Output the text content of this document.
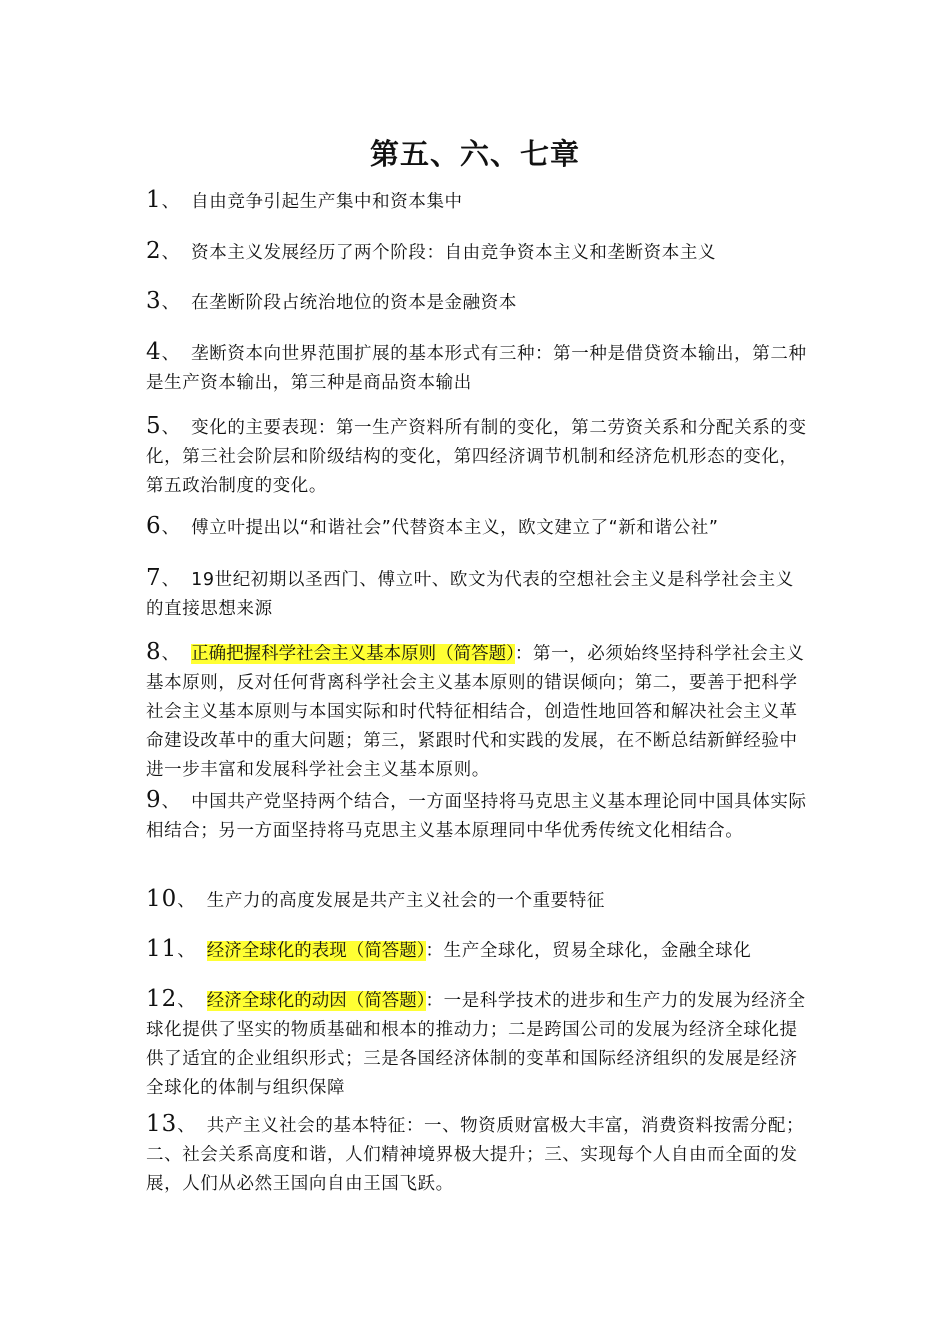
第五、六、七章
1、 自由竞争引起生产集中和资本集中
2、 资本主义发展经历了两个阶段：自由竞争资本主义和垄断资本主义
3、 在垄断阶段占统治地位的资本是金融资本
4、 垄断资本向世界范围扩展的基本形式有三种：第一种是借贷资本输出，第二种是生产资本输出，第三种是商品资本输出
5、 变化的主要表现：第一生产资料所有制的变化，第二劳资关系和分配关系的变化，第三社会阶层和阶级结构的变化，第四经济调节机制和经济危机形态的变化，第五政治制度的变化。
6、 傅立叶提出以“和谐社会”代替资本主义，欧文建立了“新和谐公社”
7、 19世纪初期以圣西门、傅立叶、欧文为代表的空想社会主义是科学社会主义的直接思想来源
8、 正确把握科学社会主义基本原则（简答题）：第一，必须始终坚持科学社会主义基本原则，反对任何背离科学社会主义基本原则的错误倾向；第二，要善于把科学社会主义基本原则与本国实际和时代特征相结合，创造性地回答和解决社会主义革命建设改革中的重大问题；第三，紧跟时代和实践的发展，在不断总结新鲜经验中进一步丰富和发展科学社会主义基本原则。
9、 中国共产党坚持两个结合，一方面坚持将马克思主义基本理论同中国具体实际相结合；另一方面坚持将马克思主义基本原理同中华优秀传统文化相结合。
10、 生产力的高度发展是共产主义社会的一个重要特征
11、 经济全球化的表现（简答题）：生产全球化，贸易全球化，金融全球化
12、 经济全球化的动因（简答题）：一是科学技术的进步和生产力的发展为经济全球化提供了坚实的物质基础和根本的推动力；二是跨国公司的发展为经济全球化提供了适宜的企业组织形式；三是各国经济体制的变革和国际经济组织的发展是经济全球化的体制与组织保障
13、 共产主义社会的基本特征：一、物资质财富极大丰富，消费资料按需分配；二、社会关系高度和谐，人们精神境界极大提升；三、实现每个人自由而全面的发展，人们从必然王国向自由王国飞跃。
